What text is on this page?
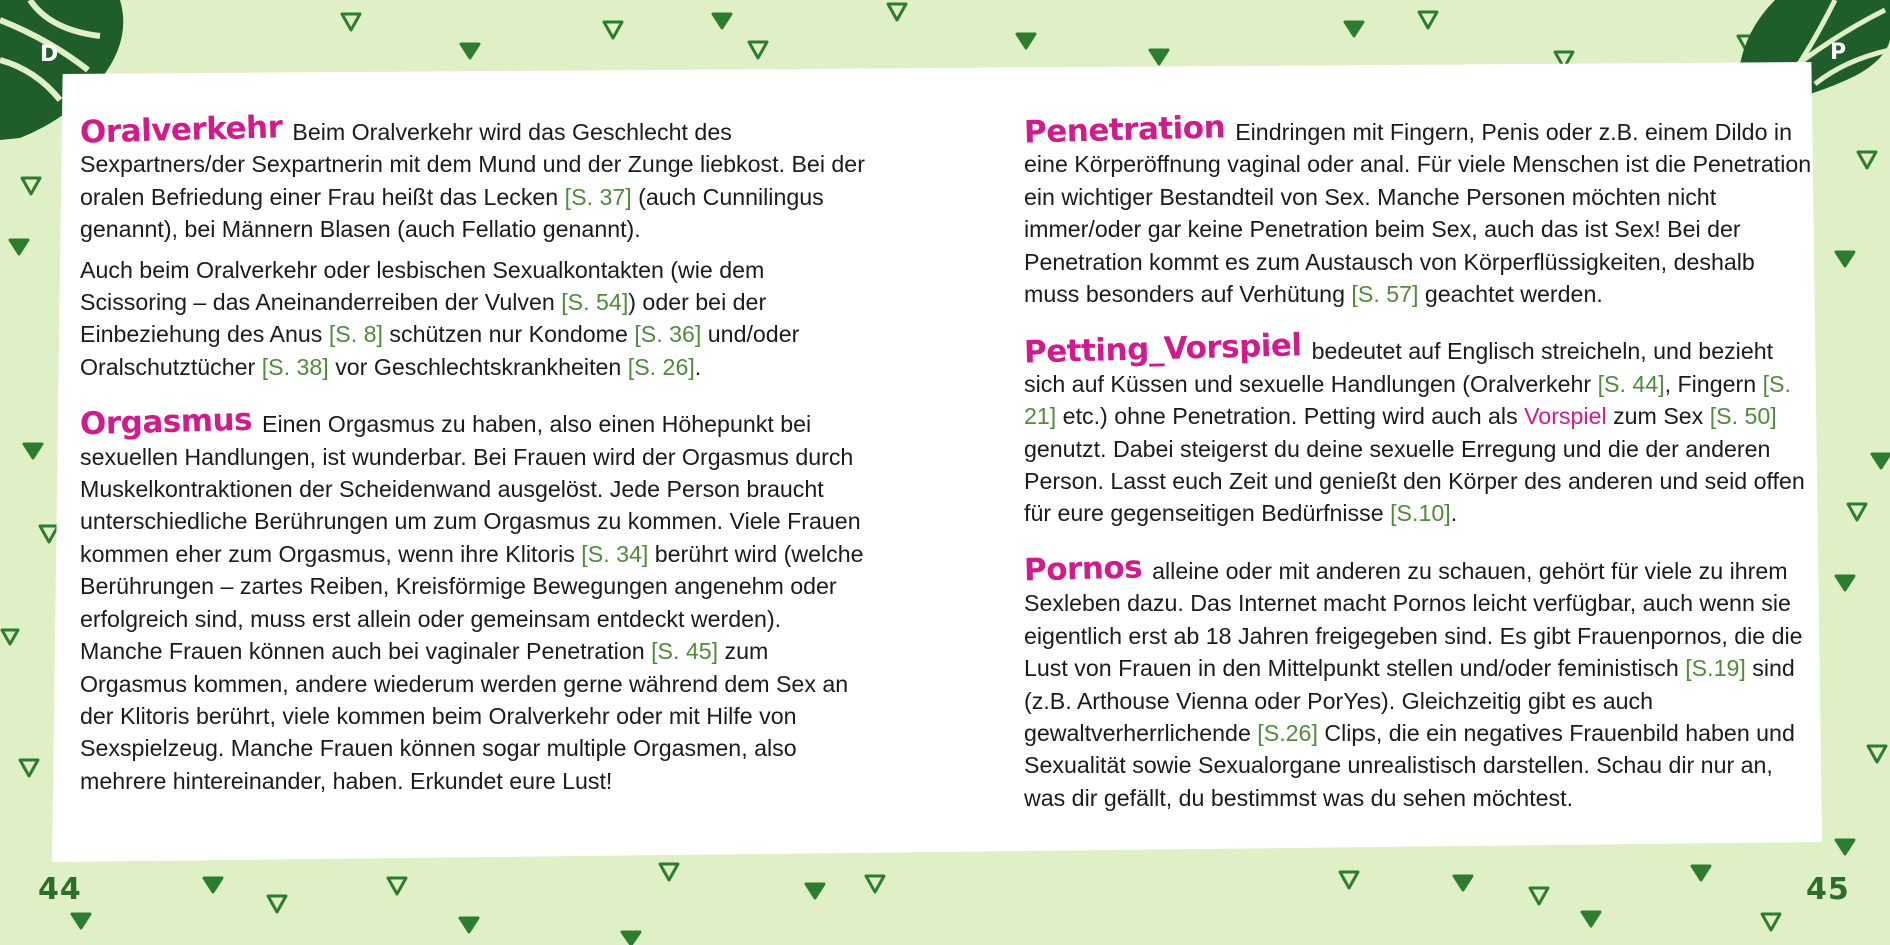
D	P

Oralverkehr Beim Oralverkehr wird das Geschlecht des Sexpartners/der Sexpartnerin mit dem Mund und der Zunge liebkost. Bei der oralen Befriedung einer Frau heißt das Lecken [S. 37] (auch Cunnilingus genannt), bei Männern Blasen (auch Fellatio genannt).

Auch beim Oralverkehr oder lesbischen Sexualkontakten (wie dem Scissoring – das Aneinanderreiben der Vulven [S. 54]) oder bei der Einbeziehung des Anus [S. 8] schützen nur Kondome [S. 36] und/oder Oralschutztücher [S. 38] vor Geschlechtskrankheiten [S. 26].

Orgasmus Einen Orgasmus zu haben, also einen Höhepunkt bei sexuellen Handlungen, ist wunderbar. Bei Frauen wird der Orgasmus durch Muskelkontraktionen der Scheidenwand ausgelöst. Jede Person braucht unterschiedliche Berührungen um zum Orgasmus zu kommen. Viele Frauen kommen eher zum Orgasmus, wenn ihre Klitoris [S. 34] berührt wird (welche Berührungen – zartes Reiben, Kreisförmige Bewegungen angenehm oder erfolgreich sind, muss erst allein oder gemeinsam entdeckt werden). Manche Frauen können auch bei vaginaler Penetration [S. 45] zum Orgasmus kommen, andere wiederum werden gerne während dem Sex an der Klitoris berührt, viele kommen beim Oralverkehr oder mit Hilfe von Sexspielzeug. Manche Frauen können sogar multiple Orgasmen, also mehrere hintereinander, haben. Erkundet eure Lust!

Penetration Eindringen mit Fingern, Penis oder z.B. einem Dildo in eine Körperöffnung vaginal oder anal. Für viele Menschen ist die Penetration ein wichtiger Bestandteil von Sex. Manche Personen möchten nicht immer/oder gar keine Penetration beim Sex, auch das ist Sex! Bei der Penetration kommt es zum Austausch von Körperflüssigkeiten, deshalb muss besonders auf Verhütung [S. 57] geachtet werden.

Petting_Vorspiel bedeutet auf Englisch streicheln, und bezieht sich auf Küssen und sexuelle Handlungen (Oralverkehr [S. 44], Fingern [S. 21] etc.) ohne Penetration. Petting wird auch als Vorspiel zum Sex [S. 50] genutzt. Dabei steigerst du deine sexuelle Erregung und die der anderen Person. Lasst euch Zeit und genießt den Körper des anderen und seid offen für eure gegenseitigen Bedürfnisse [S.10].

Pornos alleine oder mit anderen zu schauen, gehört für viele zu ihrem Sexleben dazu. Das Internet macht Pornos leicht verfügbar, auch wenn sie eigentlich erst ab 18 Jahren freigegeben sind. Es gibt Frauenpornos, die die Lust von Frauen in den Mittelpunkt stellen und/oder feministisch [S.19] sind (z.B. Arthouse Vienna oder PorYes). Gleichzeitig gibt es auch gewaltverherrlichende [S.26] Clips, die ein negatives Frauenbild haben und Sexualität sowie Sexualorgane unrealistisch darstellen. Schau dir nur an, was dir gefällt, du bestimmst was du sehen möchtest.

44	45
